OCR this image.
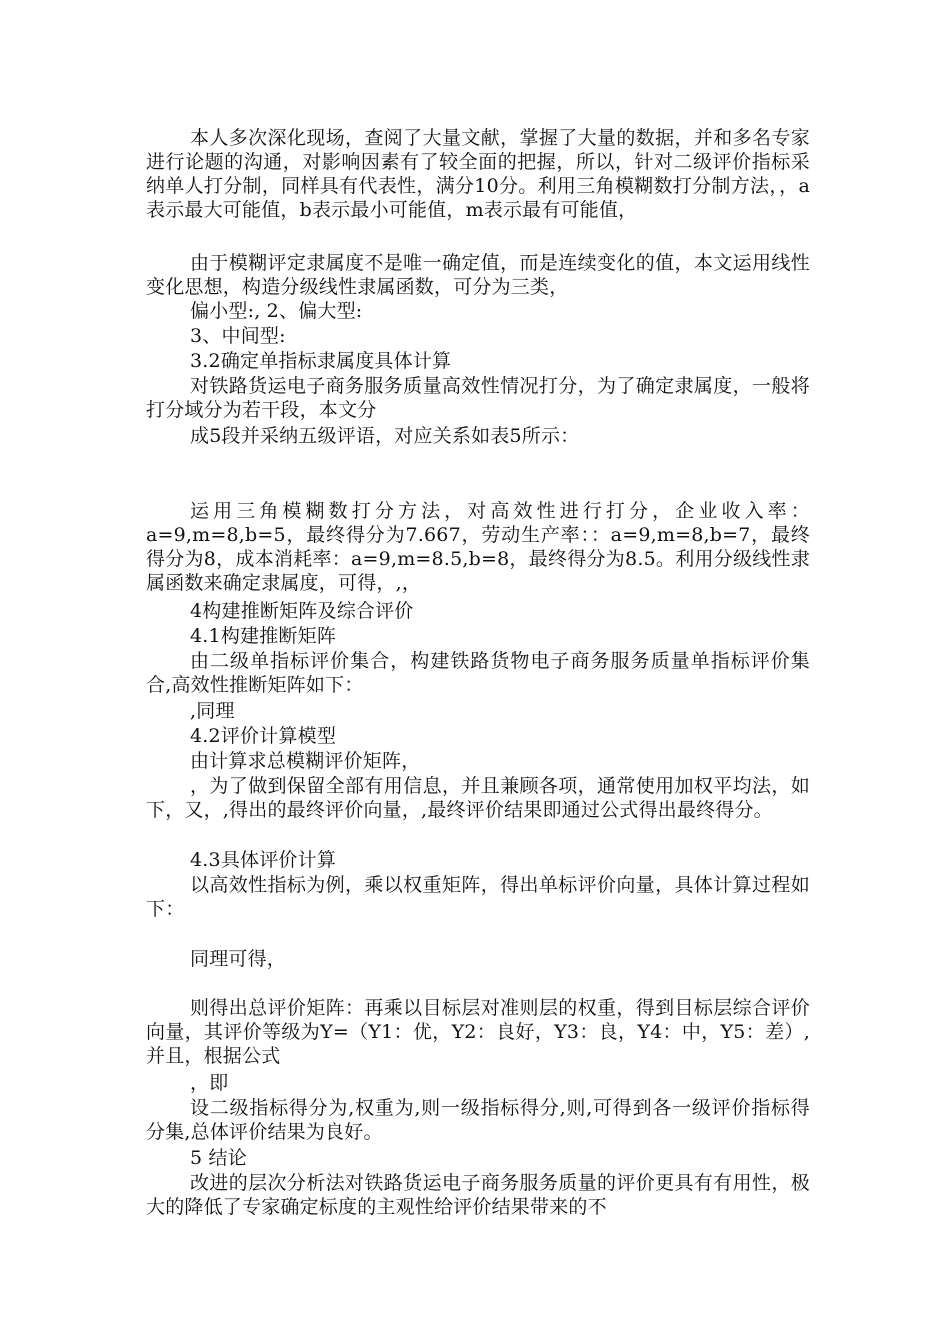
本人多次深化现场，查阅了大量文献，掌握了大量的数据，并和多名专家进行论题的沟通，对影响因素有了较全面的把握，所以，针对二级评价指标采纳单人打分制，同样具有代表性，满分10分。利用三角模糊数打分制方法，，a表示最大可能值，b表示最小可能值，m表示最有可能值，

由于模糊评定隶属度不是唯一确定值，而是连续变化的值，本文运用线性变化思想，构造分级线性隶属函数，可分为三类，

偏小型:, 2、偏大型:

3、中间型:

3.2确定单指标隶属度具体计算

对铁路货运电子商务服务质量高效性情况打分，为了确定隶属度，一般将打分域分为若干段，本文分

成5段并采纳五级评语，对应关系如表5所示：

运用三角模糊数打分方法，对高效性进行打分，企业收入率：a=9,m=8,b=5，最终得分为7.667，劳动生产率：：a=9,m=8,b=7，最终得分为8，成本消耗率：a=9,m=8.5,b=8，最终得分为8.5。利用分级线性隶属函数来确定隶属度，可得，,，

4构建推断矩阵及综合评价

4.1构建推断矩阵

由二级单指标评价集合，构建铁路货物电子商务服务质量单指标评价集合,高效性推断矩阵如下：

,同理

4.2评价计算模型

由计算求总模糊评价矩阵，

，为了做到保留全部有用信息，并且兼顾各项，通常使用加权平均法，如下，又，,得出的最终评价向量，,最终评价结果即通过公式得出最终得分。

4.3具体评价计算

以高效性指标为例，乘以权重矩阵，得出单标评价向量，具体计算过程如下：

同理可得，

则得出总评价矩阵：再乘以目标层对准则层的权重，得到目标层综合评价向量，其评价等级为Y=（Y1：优，Y2：良好，Y3：良，Y4：中，Y5：差）,并且，根据公式

，即

设二级指标得分为,权重为,则一级指标得分,则,可得到各一级评价指标得分集,总体评价结果为良好。

5 结论

改进的层次分析法对铁路货运电子商务服务质量的评价更具有有用性，极大的降低了专家确定标度的主观性给评价结果带来的不
